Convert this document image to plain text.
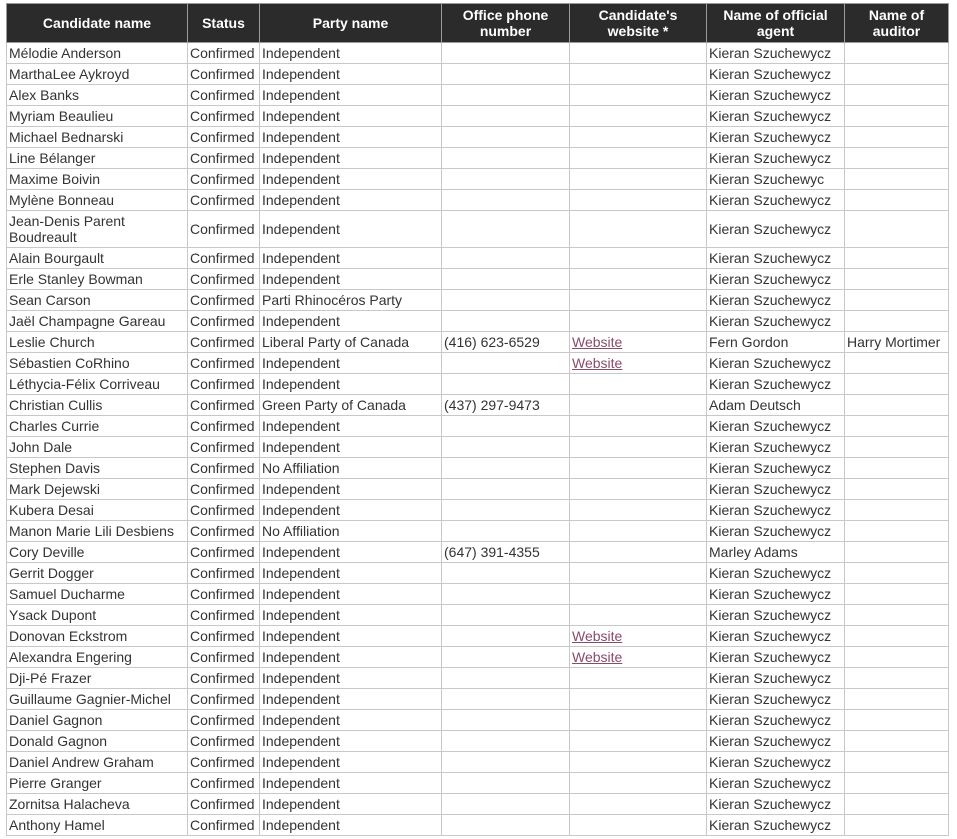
Candidate name	Status	Party name	Office phone number	Candidate's website *	Name of official agent	Name of auditor
Mélodie Anderson	Confirmed	Independent			Kieran Szuchewycz	
MarthaLee Aykroyd	Confirmed	Independent			Kieran Szuchewycz	
Alex Banks	Confirmed	Independent			Kieran Szuchewycz	
Myriam Beaulieu	Confirmed	Independent			Kieran Szuchewycz	
Michael Bednarski	Confirmed	Independent			Kieran Szuchewycz	
Line Bélanger	Confirmed	Independent			Kieran Szuchewycz	
Maxime Boivin	Confirmed	Independent			Kieran Szuchewyc	
Mylène Bonneau	Confirmed	Independent			Kieran Szuchewycz	
Jean-Denis Parent Boudreault	Confirmed	Independent			Kieran Szuchewycz	
Alain Bourgault	Confirmed	Independent			Kieran Szuchewycz	
Erle Stanley Bowman	Confirmed	Independent			Kieran Szuchewycz	
Sean Carson	Confirmed	Parti Rhinocéros Party			Kieran Szuchewycz	
Jaël Champagne Gareau	Confirmed	Independent			Kieran Szuchewycz	
Leslie Church	Confirmed	Liberal Party of Canada	(416) 623-6529	Website	Fern Gordon	Harry Mortimer
Sébastien CoRhino	Confirmed	Independent		Website	Kieran Szuchewycz	
Léthycia-Félix Corriveau	Confirmed	Independent			Kieran Szuchewycz	
Christian Cullis	Confirmed	Green Party of Canada	(437) 297-9473		Adam Deutsch	
Charles Currie	Confirmed	Independent			Kieran Szuchewycz	
John Dale	Confirmed	Independent			Kieran Szuchewycz	
Stephen Davis	Confirmed	No Affiliation			Kieran Szuchewycz	
Mark Dejewski	Confirmed	Independent			Kieran Szuchewycz	
Kubera Desai	Confirmed	Independent			Kieran Szuchewycz	
Manon Marie Lili Desbiens	Confirmed	No Affiliation			Kieran Szuchewycz	
Cory Deville	Confirmed	Independent	(647) 391-4355		Marley Adams	
Gerrit Dogger	Confirmed	Independent			Kieran Szuchewycz	
Samuel Ducharme	Confirmed	Independent			Kieran Szuchewycz	
Ysack Dupont	Confirmed	Independent			Kieran Szuchewycz	
Donovan Eckstrom	Confirmed	Independent		Website	Kieran Szuchewycz	
Alexandra Engering	Confirmed	Independent		Website	Kieran Szuchewycz	
Dji-Pé Frazer	Confirmed	Independent			Kieran Szuchewycz	
Guillaume Gagnier-Michel	Confirmed	Independent			Kieran Szuchewycz	
Daniel Gagnon	Confirmed	Independent			Kieran Szuchewycz	
Donald Gagnon	Confirmed	Independent			Kieran Szuchewycz	
Daniel Andrew Graham	Confirmed	Independent			Kieran Szuchewycz	
Pierre Granger	Confirmed	Independent			Kieran Szuchewycz	
Zornitsa Halacheva	Confirmed	Independent			Kieran Szuchewycz	
Anthony Hamel	Confirmed	Independent			Kieran Szuchewycz	
